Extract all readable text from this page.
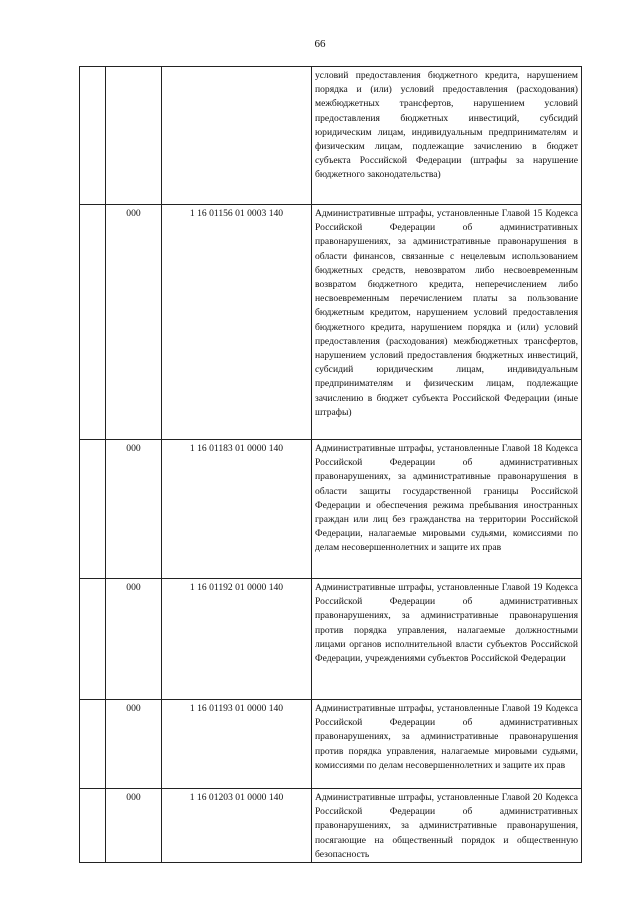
66
			условий предоставления бюджетного кредита, нарушением порядка и (или) условий предоставления (расходования) межбюджетных трансфертов, нарушением условий предоставления бюджетных инвестиций, субсидий юридическим лицам, индивидуальным предпринимателям и физическим лицам, подлежащие зачислению в бюджет субъекта Российской Федерации (штрафы за нарушение бюджетного законодательства)
	000	1 16 01156 01 0003 140	Административные штрафы, установленные Главой 15 Кодекса Российской Федерации об административных правонарушениях, за административные правонарушения в области финансов, связанные с нецелевым использованием бюджетных средств, невозвратом либо несвоевременным возвратом бюджетного кредита, неперечислением либо несвоевременным перечислением платы за пользование бюджетным кредитом, нарушением условий предоставления бюджетного кредита, нарушением порядка и (или) условий предоставления (расходования) межбюджетных трансфертов, нарушением условий предоставления бюджетных инвестиций, субсидий юридическим лицам, индивидуальным предпринимателям и физическим лицам, подлежащие зачислению в бюджет субъекта Российской Федерации (иные штрафы)
	000	1 16 01183 01 0000 140	Административные штрафы, установленные Главой 18 Кодекса Российской Федерации об административных правонарушениях, за административные правонарушения в области защиты государственной границы Российской Федерации и обеспечения режима пребывания иностранных граждан или лиц без гражданства на территории Российской Федерации, налагаемые мировыми судьями, комиссиями по делам несовершеннолетних и защите их прав
	000	1 16 01192 01 0000 140	Административные штрафы, установленные Главой 19 Кодекса Российской Федерации об административных правонарушениях, за административные правонарушения против порядка управления, налагаемые должностными лицами органов исполнительной власти субъектов Российской Федерации, учреждениями субъектов Российской Федерации
	000	1 16 01193 01 0000 140	Административные штрафы, установленные Главой 19 Кодекса Российской Федерации об административных правонарушениях, за административные правонарушения против порядка управления, налагаемые мировыми судьями, комиссиями по делам несовершеннолетних и защите их прав
	000	1 16 01203 01 0000 140	Административные штрафы, установленные Главой 20 Кодекса Российской Федерации об административных правонарушениях, за административные правонарушения, посягающие на общественный порядок и общественную безопасность
